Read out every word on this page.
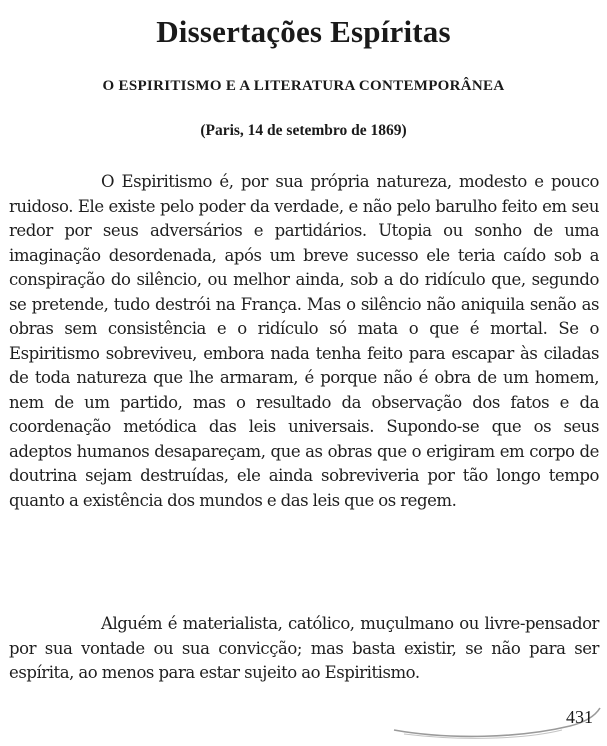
Dissertações Espíritas
O ESPIRITISMO E A LITERATURA CONTEMPORÂNEA
(Paris, 14 de setembro de 1869)

O Espiritismo é, por sua própria natureza, modesto e pouco ruidoso. Ele existe pelo poder da verdade, e não pelo barulho feito em seu redor por seus adversários e partidários. Utopia ou sonho de uma imaginação desordenada, após um breve sucesso ele teria caído sob a conspiração do silêncio, ou melhor ainda, sob a do ridículo que, segundo se pretende, tudo destrói na França. Mas o silêncio não aniquila senão as obras sem consistência e o ridículo só mata o que é mortal. Se o Espiritismo sobreviveu, embora nada tenha feito para escapar às ciladas de toda natureza que lhe armaram, é porque não é obra de um homem, nem de um partido, mas o resultado da observação dos fatos e da coordenação metódica das leis universais. Supondo-se que os seus adeptos humanos desapareçam, que as obras que o erigiram em corpo de doutrina sejam destruídas, ele ainda sobreviveria por tão longo tempo quanto a existência dos mundos e das leis que os regem.

Alguém é materialista, católico, muçulmano ou livre-pensador por sua vontade ou sua convicção; mas basta existir, se não para ser espírita, ao menos para estar sujeito ao Espiritismo.

431
